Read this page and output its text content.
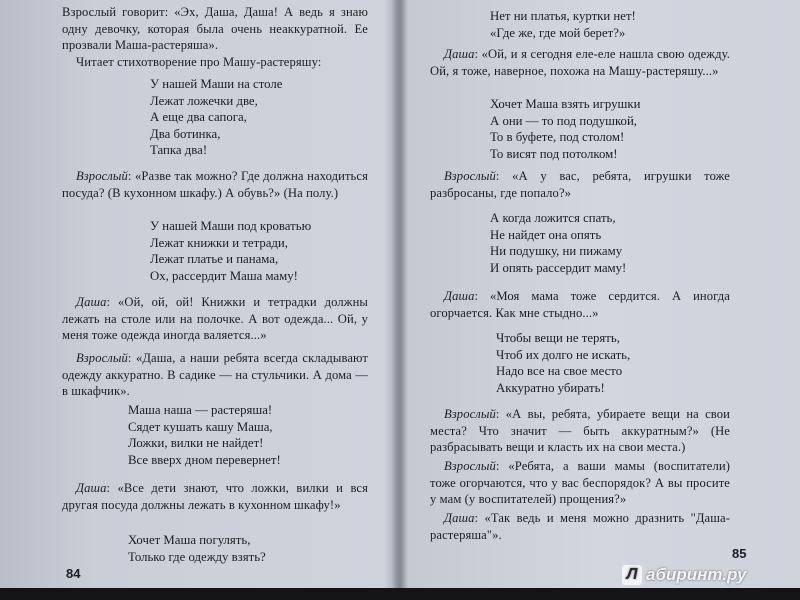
Взрослый говорит: «Эх, Даша, Даша! А ведь я знаю одну девочку, которая была очень неаккуратной. Ее прозвали Маша-растеряша».

Читает стихотворение про Машу-растеряшу:

У нашей Маши на столе
Лежат ложечки две,
А еще два сапога,
Два ботинка,
Тапка два!

Взрослый: «Разве так можно? Где должна находиться посуда? (В кухонном шкафу.) А обувь?» (На полу.)

У нашей Маши под кроватью
Лежат книжки и тетради,
Лежат платье и панама,
Ох, рассердит Маша маму!

Даша: «Ой, ой, ой! Книжки и тетрадки должны лежать на столе или на полочке. А вот одежда... Ой, у меня тоже одежда иногда валяется...»

Взрослый: «Даша, а наши ребята всегда складывают одежду аккуратно. В садике — на стульчики. А дома — в шкафчик».

Маша наша — растеряша!
Сядет кушать кашу Маша,
Ложки, вилки не найдет!
Все вверх дном перевернет!

Даша: «Все дети знают, что ложки, вилки и вся другая посуда должны лежать в кухонном шкафу!»

Хочет Маша погулять,
Только где одежду взять?
84
Нет ни платья, куртки нет!
«Где же, где мой берет?»

Даша: «Ой, и я сегодня еле-еле нашла свою одежду. Ой, я тоже, наверное, похожа на Машу-растеряшу...»

Хочет Маша взять игрушки
А они — то под подушкой,
То в буфете, под столом!
То висят под потолком!

Взрослый: «А у вас, ребята, игрушки тоже разбросаны, где попало?»

А когда ложится спать,
Не найдет она опять
Ни подушку, ни пижаму
И опять рассердит маму!

Даша: «Моя мама тоже сердится. А иногда огорчается. Как мне стыдно...»

Чтобы вещи не терять,
Чтоб их долго не искать,
Надо все на свое место
Аккуратно убирать!

Взрослый: «А вы, ребята, убираете вещи на свои места? Что значит — быть аккуратным?» (Не разбрасывать вещи и класть их на свои места.)

Взрослый: «Ребята, а ваши мамы (воспитатели) тоже огорчаются, что у вас беспорядок? А вы просите у мам (у воспитателей) прощения?»

Даша: «Так ведь и меня можно дразнить "Даша-растеряша"».

85
Л абиринт.ру
